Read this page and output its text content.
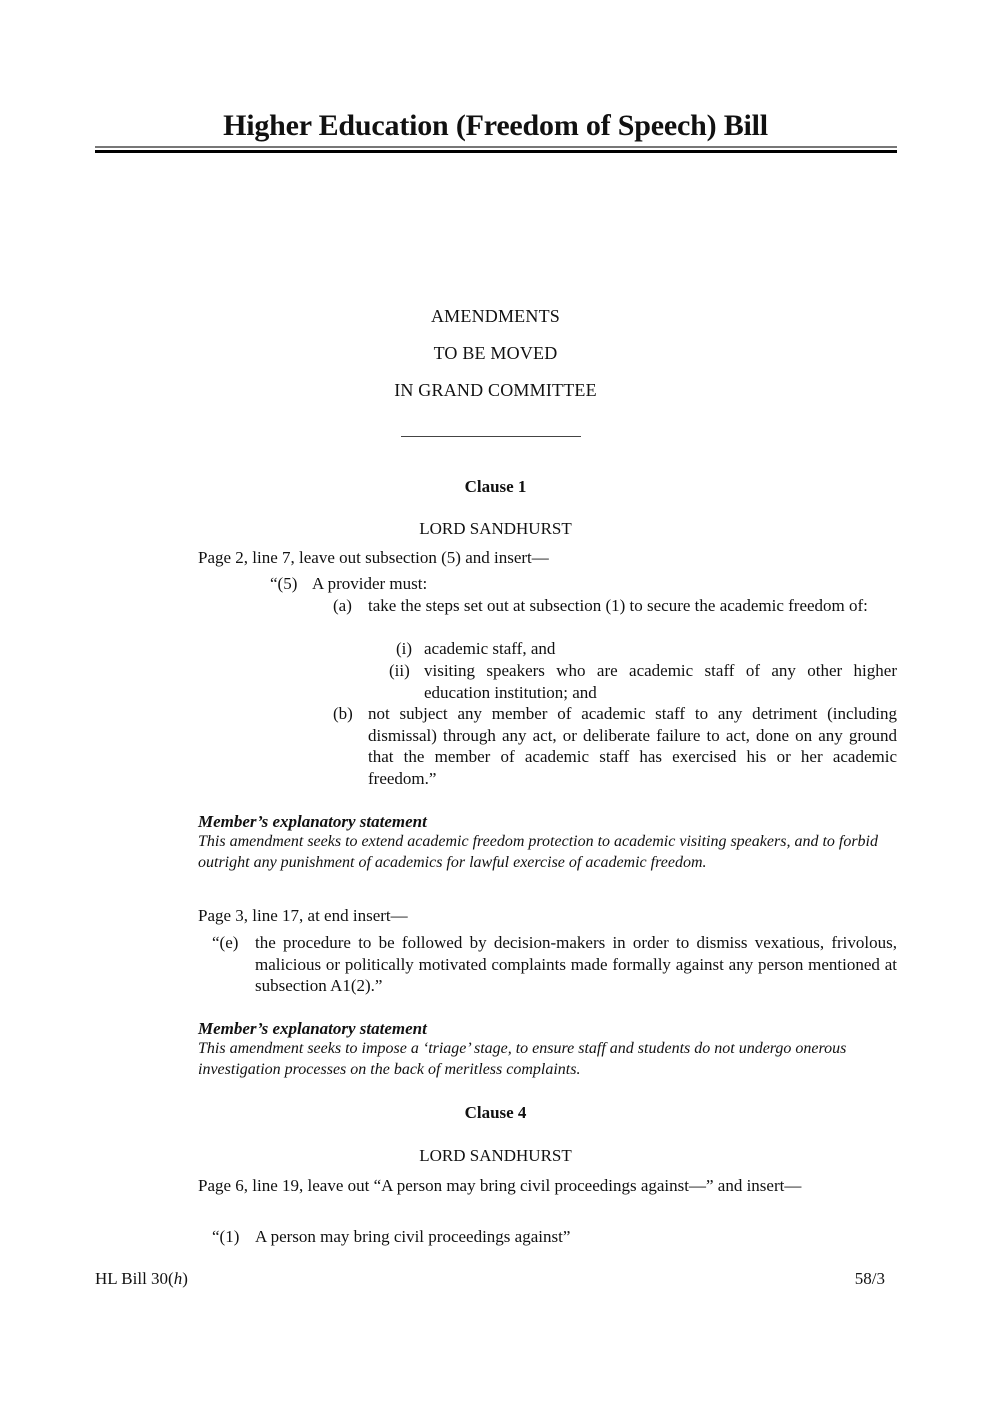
Higher Education (Freedom of Speech) Bill
AMENDMENTS
TO BE MOVED
IN GRAND COMMITTEE
Clause 1
LORD SANDHURST
Page 2, line 7, leave out subsection (5) and insert—
“(5) A provider must:
(a) take the steps set out at subsection (1) to secure the academic freedom of:
(i) academic staff, and
(ii) visiting speakers who are academic staff of any other higher education institution; and
(b) not subject any member of academic staff to any detriment (including dismissal) through any act, or deliberate failure to act, done on any ground that the member of academic staff has exercised his or her academic freedom.”
Member’s explanatory statement
This amendment seeks to extend academic freedom protection to academic visiting speakers, and to forbid outright any punishment of academics for lawful exercise of academic freedom.
Page 3, line 17, at end insert—
“(e) the procedure to be followed by decision-makers in order to dismiss vexatious, frivolous, malicious or politically motivated complaints made formally against any person mentioned at subsection A1(2).”
Member’s explanatory statement
This amendment seeks to impose a ‘triage’ stage, to ensure staff and students do not undergo onerous investigation processes on the back of meritless complaints.
Clause 4
LORD SANDHURST
Page 6, line 19, leave out “A person may bring civil proceedings against—” and insert—
“(1) A person may bring civil proceedings against”
HL Bill 30(h)	58/3
